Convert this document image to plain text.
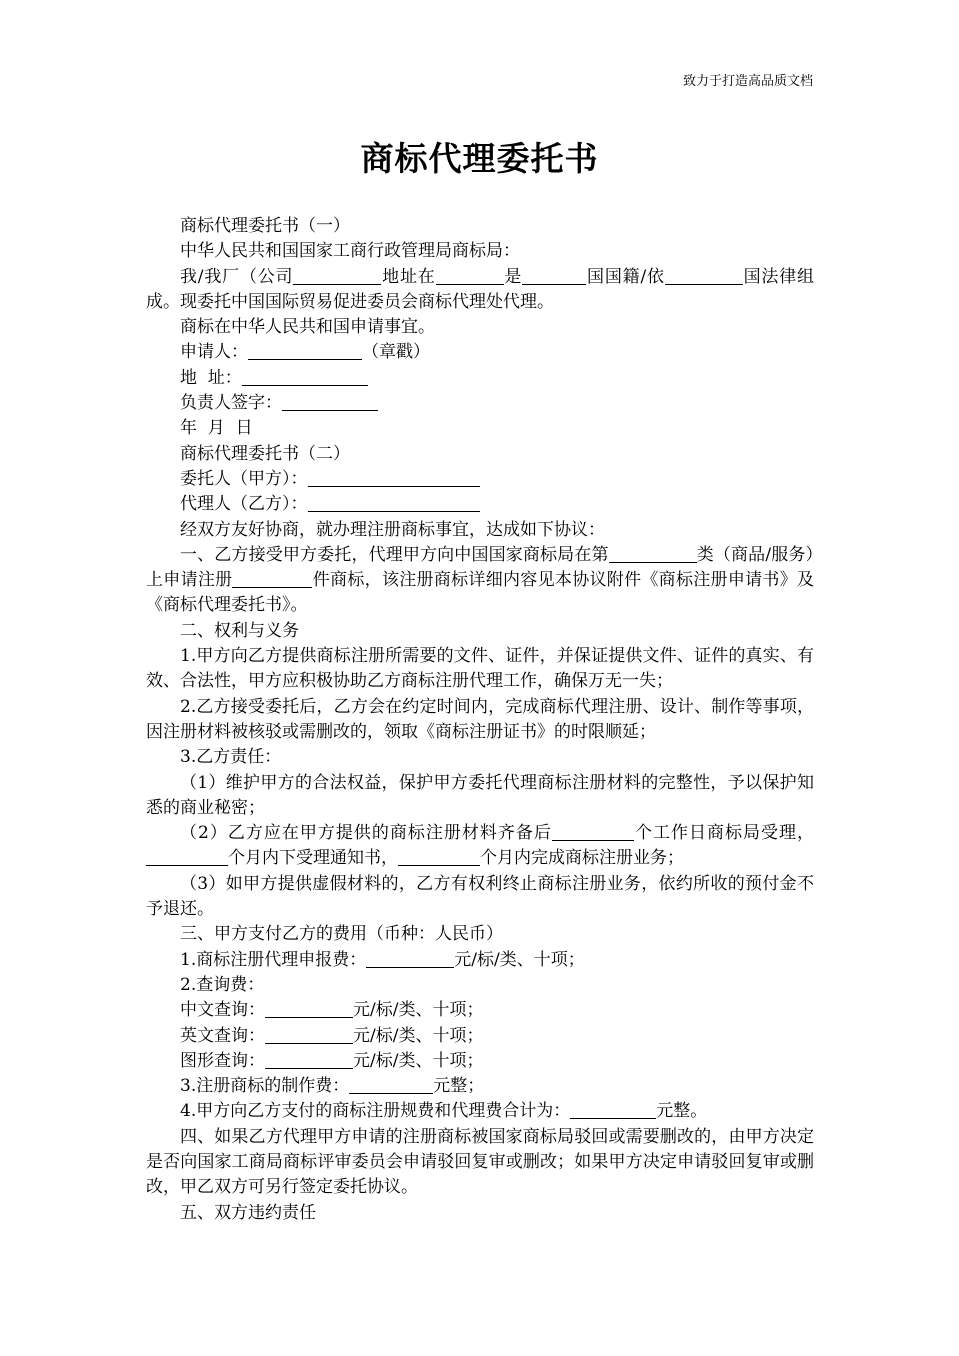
致力于打造高品质文档
商标代理委托书

商标代理委托书（一）

中华人民共和国国家工商行政管理局商标局：

我/我厂（公司	地址在	是	国国籍/依	国法律组成。现委托中国国际贸易促进委员会商标代理处代理。

商标在中华人民共和国申请事宜。

申请人：	（章戳）

地  址：

负责人签字：

年  月  日

商标代理委托书（二）

委托人（甲方）：

代理人（乙方）：

经双方友好协商，就办理注册商标事宜，达成如下协议：

一、乙方接受甲方委托，代理甲方向中国国家商标局在第	类（商品/服务）上申请注册	件商标，该注册商标详细内容见本协议附件《商标注册申请书》及《商标代理委托书》。

二、权利与义务

1.甲方向乙方提供商标注册所需要的文件、证件，并保证提供文件、证件的真实、有效、合法性，甲方应积极协助乙方商标注册代理工作，确保万无一失；

2.乙方接受委托后，乙方会在约定时间内，完成商标代理注册、设计、制作等事项，因注册材料被核驳或需删改的，领取《商标注册证书》的时限顺延；

3.乙方责任：

（1）维护甲方的合法权益，保护甲方委托代理商标注册材料的完整性，予以保护知悉的商业秘密；

（2）乙方应在甲方提供的商标注册材料齐备后	个工作日商标局受理，个月内下受理通知书，	个月内完成商标注册业务；

（3）如甲方提供虚假材料的，乙方有权利终止商标注册业务，依约所收的预付金不予退还。

三、甲方支付乙方的费用（币种：人民币）

1.商标注册代理申报费：	元/标/类、十项；

2.查询费：

中文查询：	元/标/类、十项；

英文查询：	元/标/类、十项；

图形查询：	元/标/类、十项；

3.注册商标的制作费：	元整；

4.甲方向乙方支付的商标注册规费和代理费合计为：	元整。

四、如果乙方代理甲方申请的注册商标被国家商标局驳回或需要删改的，由甲方决定是否向国家工商局商标评审委员会申请驳回复审或删改；如果甲方决定申请驳回复审或删改，甲乙双方可另行签定委托协议。

五、双方违约责任
